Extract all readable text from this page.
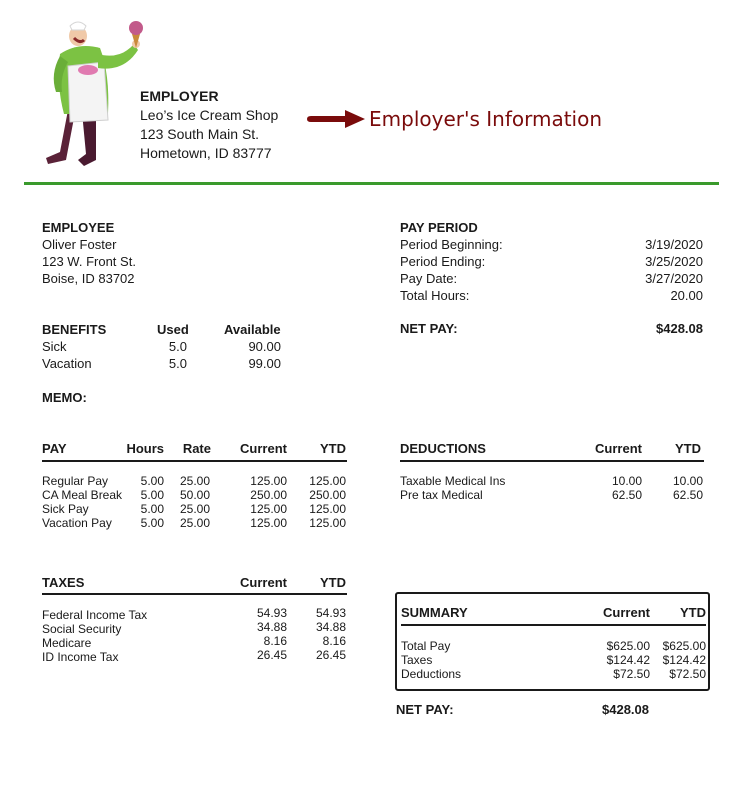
EMPLOYER
Leo’s Ice Cream Shop
123 South Main St.
Hometown, ID 83777
Employer's Information
EMPLOYEE
Oliver Foster
123 W. Front St.
Boise, ID 83702
PAY PERIOD
Period Beginning:	3/19/2020
Period Ending:	3/25/2020
Pay Date:	3/27/2020
Total Hours:	20.00
BENEFITS	Used	Available
Sick	5.0	90.00
Vacation	5.0	99.00
NET PAY:	$428.08
MEMO:
PAY	Hours Rate Current	YTD
Regular Pay	5.00 25.00	125.00 125.00
CA Meal Break 5.00 50.00	250.00 250.00
Sick Pay	5.00 25.00	125.00 125.00
Vacation Pay 5.00 25.00	125.00 125.00
DEDUCTIONS	Current	YTD
Taxable Medical Ins	10.00	10.00
Pre tax Medical	62.50	62.50
TAXES	Current	YTD
Federal Income Tax	54.93 54.93
Social Security	34.88 34.88
Medicare	8.16	8.16
ID Income Tax	26.45 26.45
SUMMARY	Current YTD
Total Pay	$625.00 $625.00
Taxes	$124.42 $124.42
Deductions	$72.50 $72.50
NET PAY:	$428.08
